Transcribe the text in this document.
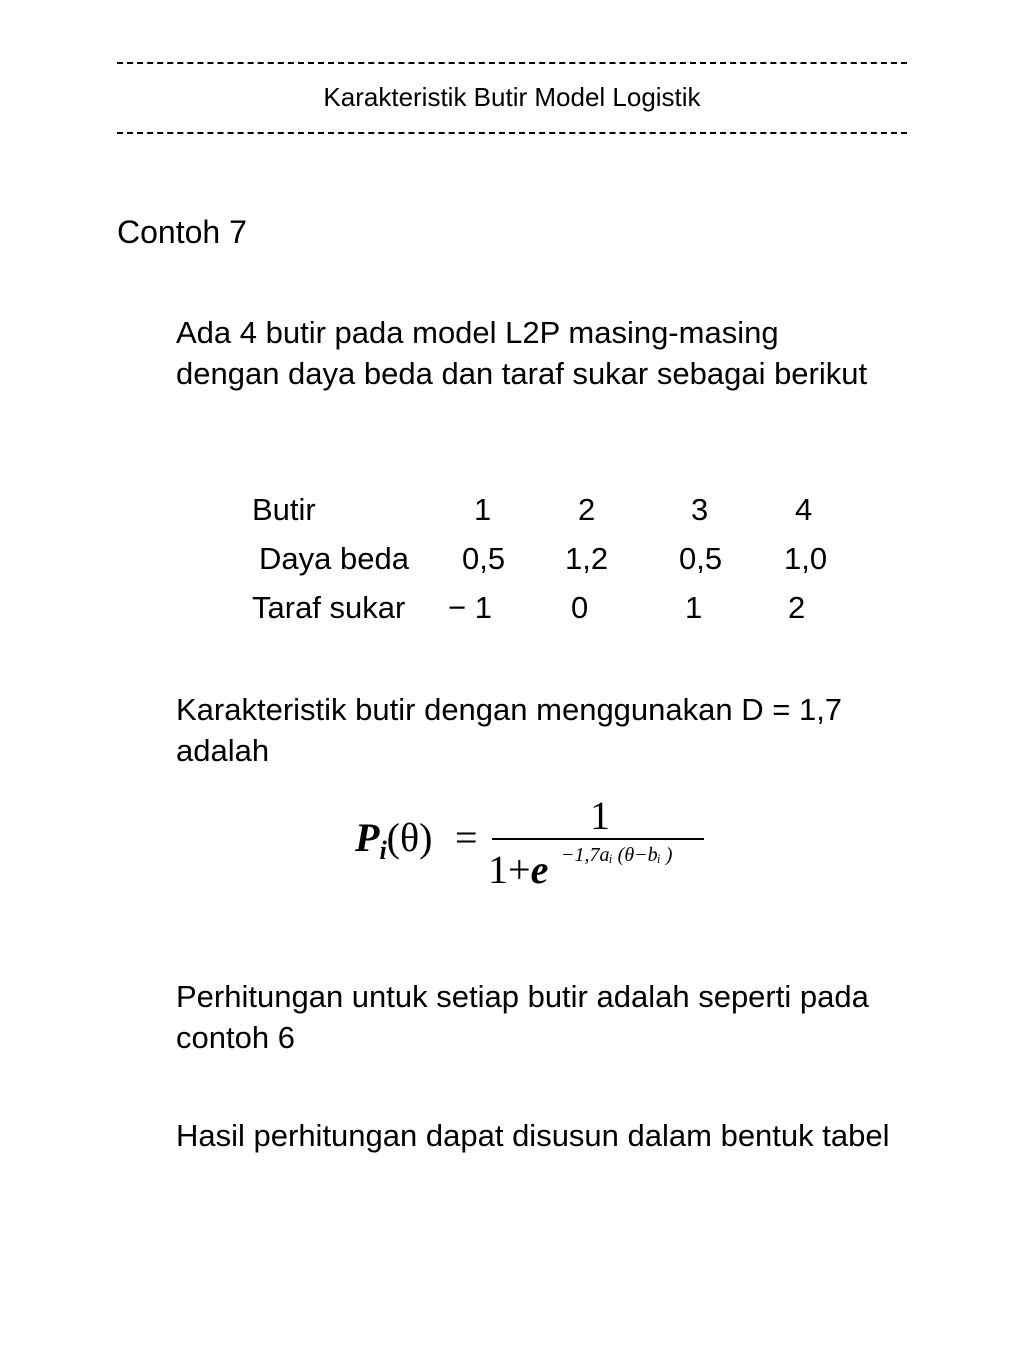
Karakteristik Butir Model Logistik
Contoh 7
Ada 4 butir pada model L2P masing-masing dengan daya beda dan taraf sukar sebagai berikut
Butir	1	2	3	4
Daya beda 0,5 1,2 0,5 1,0
Taraf sukar − 1	0	1	2
Karakteristik butir dengan menggunakan D = 1,7 adalah
$P_i(\theta)$ =	1
1+e −1,7aᵢ (θ−bᵢ )
Perhitungan untuk setiap butir adalah seperti pada contoh 6
Hasil perhitungan dapat disusun dalam bentuk tabel
